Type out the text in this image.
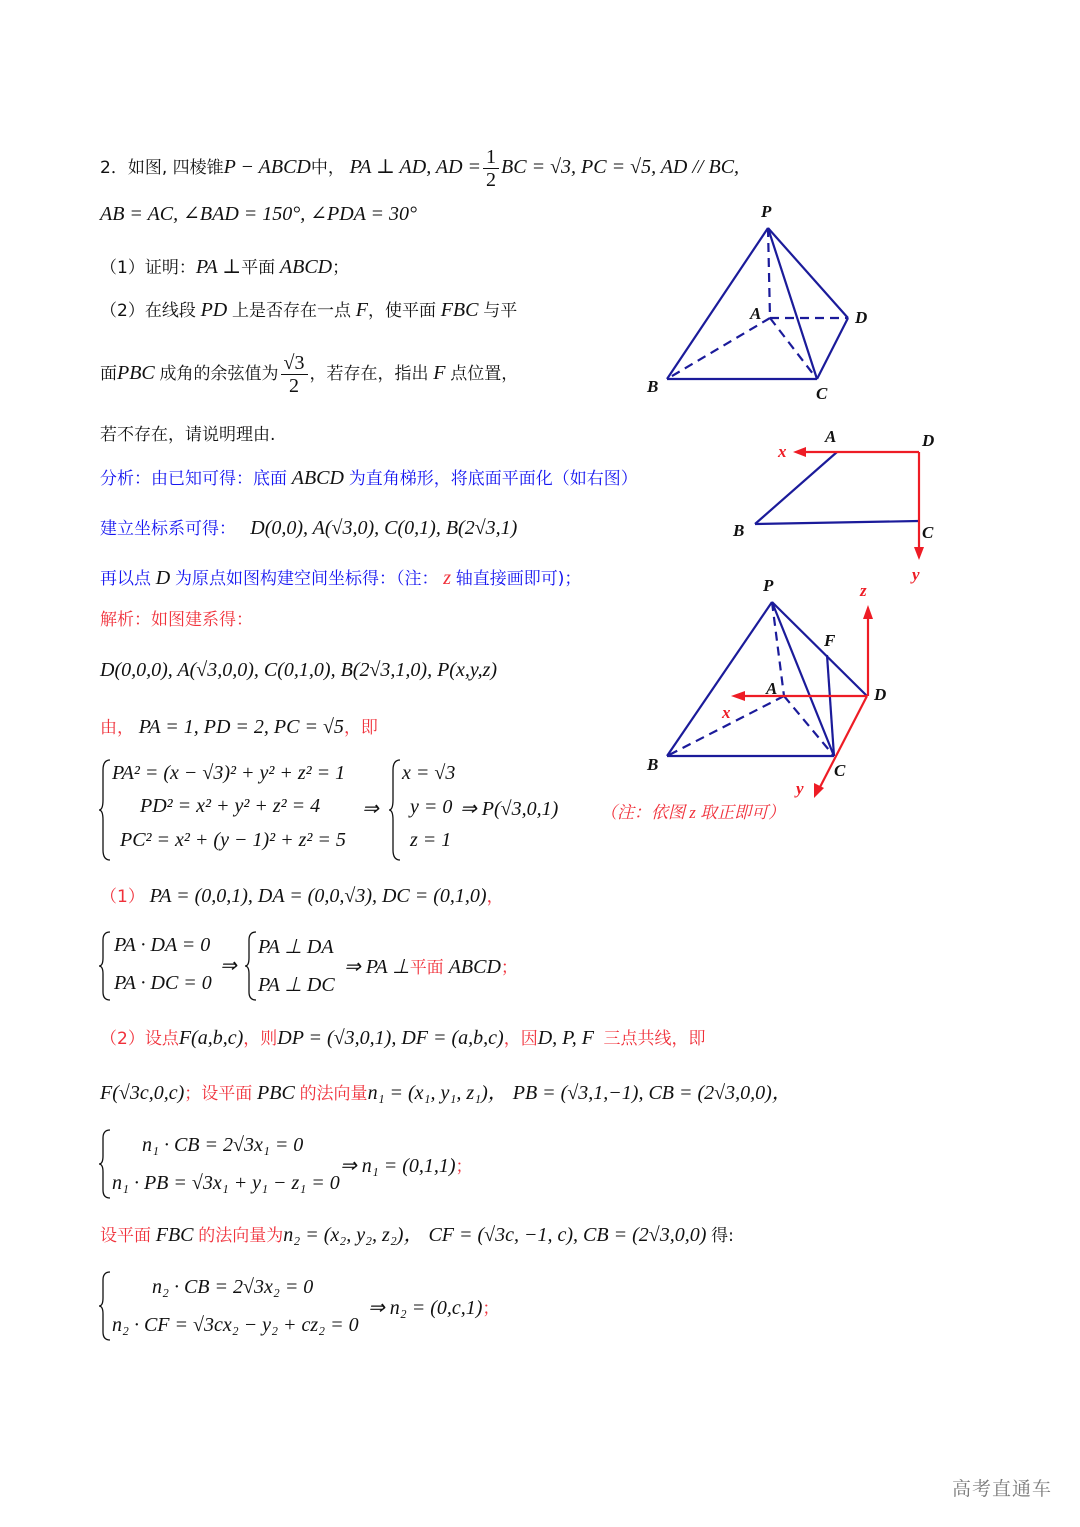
2．如图, 四棱锥P − ABCD中， PA ⊥ AD, AD = $\frac{1}{2}$ BC = √3, PC = √5, AD // BC,
AB = AC, ∠BAD = 150°, ∠PDA = 30°
（1）证明：PA ⊥平面 ABCD；
（2）在线段 PD 上是否存在一点 F，使平面 FBC 与平
面PBC 成角的余弦值为 $\frac{√3}{2}$ ，若存在，指出 F 点位置，
若不存在，请说明理由.
分析：由已知可得：底面 ABCD 为直角梯形，将底面平面化（如右图）
建立坐标系可得： D(0,0), A(√3,0), C(0,1), B(2√3,1)
再以点 D 为原点如图构建空间坐标得：（注： z 轴直接画即可)；
解析：如图建系得：
D(0,0,0), A(√3,0,0), C(0,1,0), B(2√3,1,0), P(x,y,z)
由， PA = 1, PD = 2, PC = √5，即
PA² = (x − √3)² + y² + z² = 1
PD² = x² + y² + z² = 4
PC² = x² + (y − 1)² + z² = 5
⇒
x = √3
y = 0
z = 1
⇒ P(√3,0,1) （注：依图 z 取正即可）
（1） PA = (0,0,1), DA = (0,0,√3), DC = (0,1,0)，
PA · DA = 0
PA · DC = 0
⇒
PA ⊥ DA
PA ⊥ DC
⇒ PA ⊥平面 ABCD；
（2）设点F(a,b,c)，则DP = (√3,0,1), DF = (a,b,c)，因D, P, F 三点共线，即
F(√3c,0,c)；设平面 PBC 的法向量n₁ = (x₁, y₁, z₁)， PB = (√3,1,−1), CB = (2√3,0,0)，
n₁ · CB = 2√3x₁ = 0
n₁ · PB = √3x₁ + y₁ − z₁ = 0
⇒ n₁ = (0,1,1)；
设平面 FBC 的法向量为n₂ = (x₂, y₂, z₂)， CF = (√3c, −1, c), CB = (2√3,0,0) 得:
n₂ · CB = 2√3x₂ = 0
n₂ · CF = √3cx₂ − y₂ + cz₂ = 0
⇒ n₂ = (0,c,1)；
P
A	D
B	C
A	D
B	C
x
y
P
A	D
B	C
F
z
x
y
高考直通车
